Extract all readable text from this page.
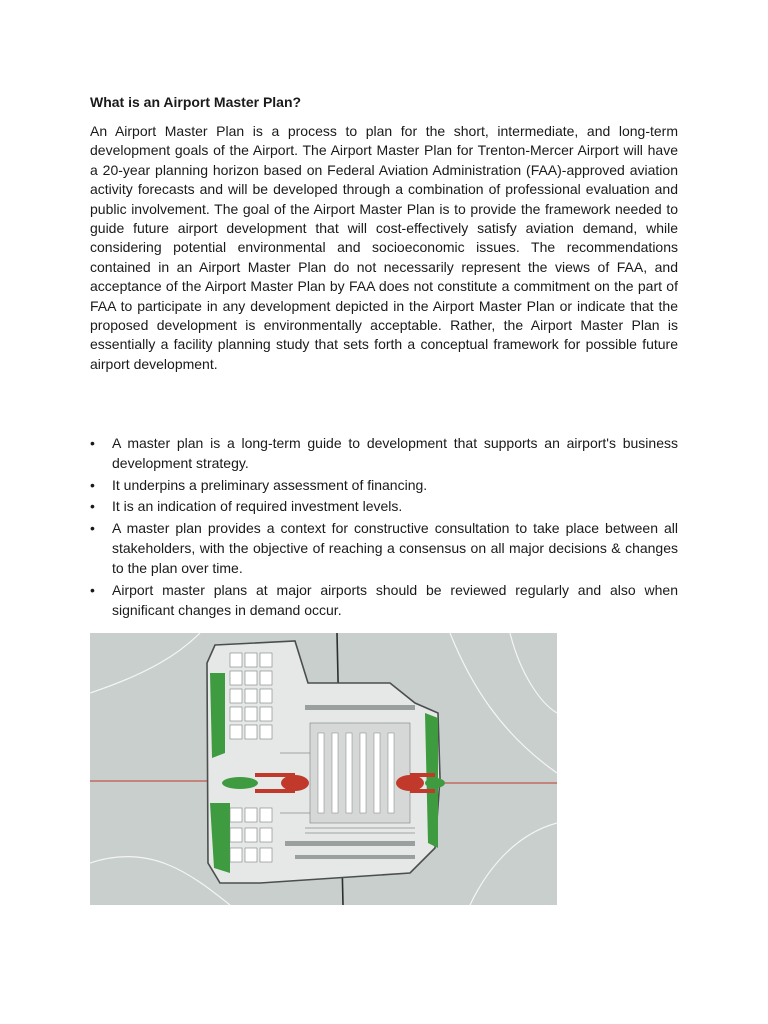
What is an Airport Master Plan?

An Airport Master Plan is a process to plan for the short, intermediate, and long-term development goals of the Airport. The Airport Master Plan for Trenton-Mercer Airport will have a 20-year planning horizon based on Federal Aviation Administration (FAA)-approved aviation activity forecasts and will be developed through a combination of professional evaluation and public involvement. The goal of the Airport Master Plan is to provide the framework needed to guide future airport development that will cost-effectively satisfy aviation demand, while considering potential environmental and socioeconomic issues. The recommendations contained in an Airport Master Plan do not necessarily represent the views of FAA, and acceptance of the Airport Master Plan by FAA does not constitute a commitment on the part of FAA to participate in any development depicted in the Airport Master Plan or indicate that the proposed development is environmentally acceptable. Rather, the Airport Master Plan is essentially a facility planning study that sets forth a conceptual framework for possible future airport development.

• A master plan is a long-term guide to development that supports an airport's business development strategy.
• It underpins a preliminary assessment of financing.
• It is an indication of required investment levels.
• A master plan provides a context for constructive consultation to take place between all stakeholders, with the objective of reaching a consensus on all major decisions & changes to the plan over time.
• Airport master plans at major airports should be reviewed regularly and also when significant changes in demand occur.
